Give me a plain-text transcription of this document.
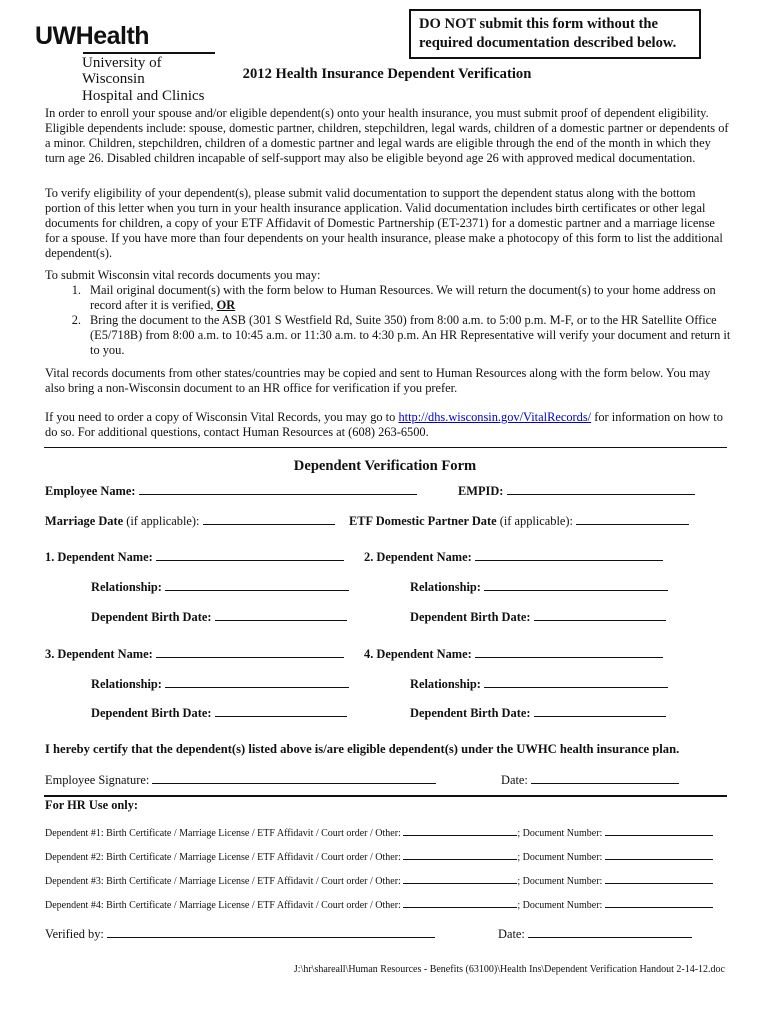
UWHealth
University of Wisconsin
Hospital and Clinics
DO NOT submit this form without the
required documentation described below.
2012 Health Insurance Dependent Verification
In order to enroll your spouse and/or eligible dependent(s) onto your health insurance, you must submit proof of dependent eligibility. Eligible dependents include: spouse, domestic partner, children, stepchildren, legal wards, children of a domestic partner or dependents of a minor. Children, stepchildren, children of a domestic partner and legal wards are eligible through the end of the month in which they turn age 26. Disabled children incapable of self-support may also be eligible beyond age 26 with approved medical documentation.
To verify eligibility of your dependent(s), please submit valid documentation to support the dependent status along with the bottom portion of this letter when you turn in your health insurance application. Valid documentation includes birth certificates or other legal documents for children, a copy of your ETF Affidavit of Domestic Partnership (ET-2371) for a domestic partner and a marriage license for a spouse. If you have more than four dependents on your health insurance, please make a photocopy of this form to list the additional dependent(s).
To submit Wisconsin vital records documents you may:
1. Mail original document(s) with the form below to Human Resources. We will return the document(s) to your home address on record after it is verified, OR
2. Bring the document to the ASB (301 S Westfield Rd, Suite 350) from 8:00 a.m. to 5:00 p.m. M-F, or to the HR Satellite Office (E5/718B) from 8:00 a.m. to 10:45 a.m. or 11:30 a.m. to 4:30 p.m. An HR Representative will verify your document and return it to you.
Vital records documents from other states/countries may be copied and sent to Human Resources along with the form below. You may also bring a non-Wisconsin document to an HR office for verification if you prefer.
If you need to order a copy of Wisconsin Vital Records, you may go to http://dhs.wisconsin.gov/VitalRecords/ for information on how to do so. For additional questions, contact Human Resources at (608) 263-6500.
Dependent Verification Form
Employee Name:	EMPID:
Marriage Date (if applicable):	ETF Domestic Partner Date (if applicable):
1. Dependent Name:	2. Dependent Name:
Relationship:	Relationship:
Dependent Birth Date:	Dependent Birth Date:
3. Dependent Name:	4. Dependent Name:
Relationship:	Relationship:
Dependent Birth Date:	Dependent Birth Date:
I hereby certify that the dependent(s) listed above is/are eligible dependent(s) under the UWHC health insurance plan.
Employee Signature:	Date:
For HR Use only:
Dependent #1: Birth Certificate / Marriage License / ETF Affidavit / Court order / Other:	; Document Number:
Dependent #2: Birth Certificate / Marriage License / ETF Affidavit / Court order / Other:	; Document Number:
Dependent #3: Birth Certificate / Marriage License / ETF Affidavit / Court order / Other:	; Document Number:
Dependent #4: Birth Certificate / Marriage License / ETF Affidavit / Court order / Other:	; Document Number:
Verified by:	Date:
J:\hr\shareall\Human Resources - Benefits (63100)\Health Ins\Dependent Verification Handout 2-14-12.doc
